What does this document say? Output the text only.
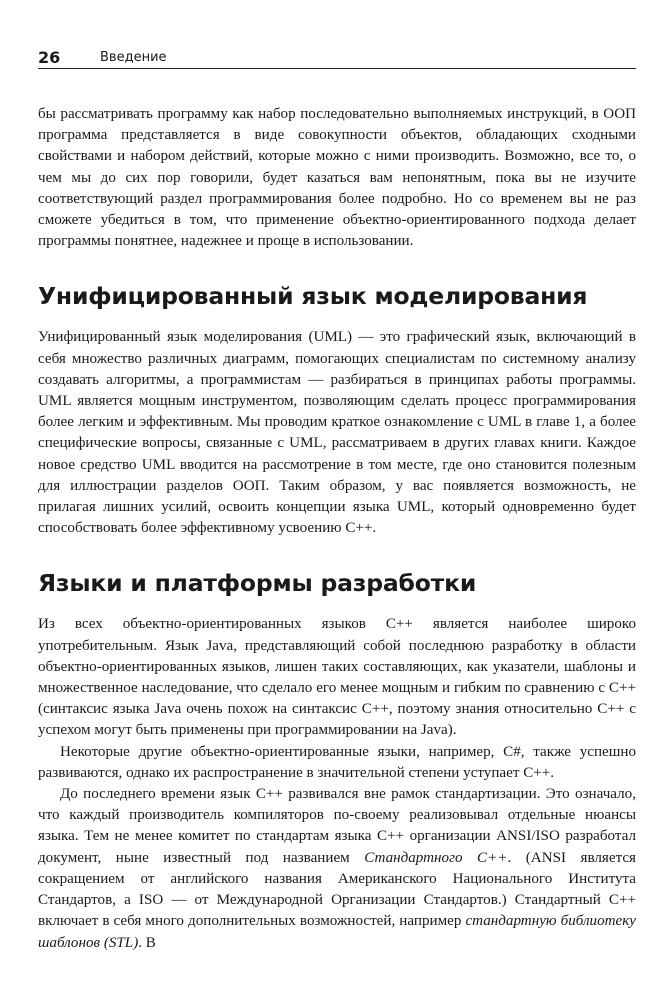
26	Введение

бы рассматривать программу как набор последовательно выполняемых инструкций, в ООП программа представляется в виде совокупности объектов, обладающих сходными свойствами и набором действий, которые можно с ними производить. Возможно, все то, о чем мы до сих пор говорили, будет казаться вам непонятным, пока вы не изучите соответствующий раздел программирования более подробно. Но со временем вы не раз сможете убедиться в том, что применение объектно-ориентированного подхода делает программы понятнее, надежнее и проще в использовании.

Унифицированный язык моделирования

Унифицированный язык моделирования (UML) — это графический язык, включающий в себя множество различных диаграмм, помогающих специалистам по системному анализу создавать алгоритмы, а программистам — разбираться в принципах работы программы. UML является мощным инструментом, позволяющим сделать процесс программирования более легким и эффективным. Мы проводим краткое ознакомление с UML в главе 1, а более специфические вопросы, связанные с UML, рассматриваем в других главах книги. Каждое новое средство UML вводится на рассмотрение в том месте, где оно становится полезным для иллюстрации разделов ООП. Таким образом, у вас появляется возможность, не прилагая лишних усилий, освоить концепции языка UML, который одновременно будет способствовать более эффективному усвоению C++.

Языки и платформы разработки

Из всех объектно-ориентированных языков C++ является наиболее широко употребительным. Язык Java, представляющий собой последнюю разработку в области объектно-ориентированных языков, лишен таких составляющих, как указатели, шаблоны и множественное наследование, что сделало его менее мощным и гибким по сравнению с C++ (синтаксис языка Java очень похож на синтаксис C++, поэтому знания относительно C++ с успехом могут быть применены при программировании на Java).

Некоторые другие объектно-ориентированные языки, например, C#, также успешно развиваются, однако их распространение в значительной степени уступает C++.

До последнего времени язык C++ развивался вне рамок стандартизации. Это означало, что каждый производитель компиляторов по-своему реализовывал отдельные нюансы языка. Тем не менее комитет по стандартам языка C++ организации ANSI/ISO разработал документ, ныне известный под названием Стандартного C++. (ANSI является сокращением от английского названия Американского Национального Института Стандартов, а ISO — от Международной Организации Стандартов.) Стандартный C++ включает в себя много дополнительных возможностей, например стандартную библиотеку шаблонов (STL). В
